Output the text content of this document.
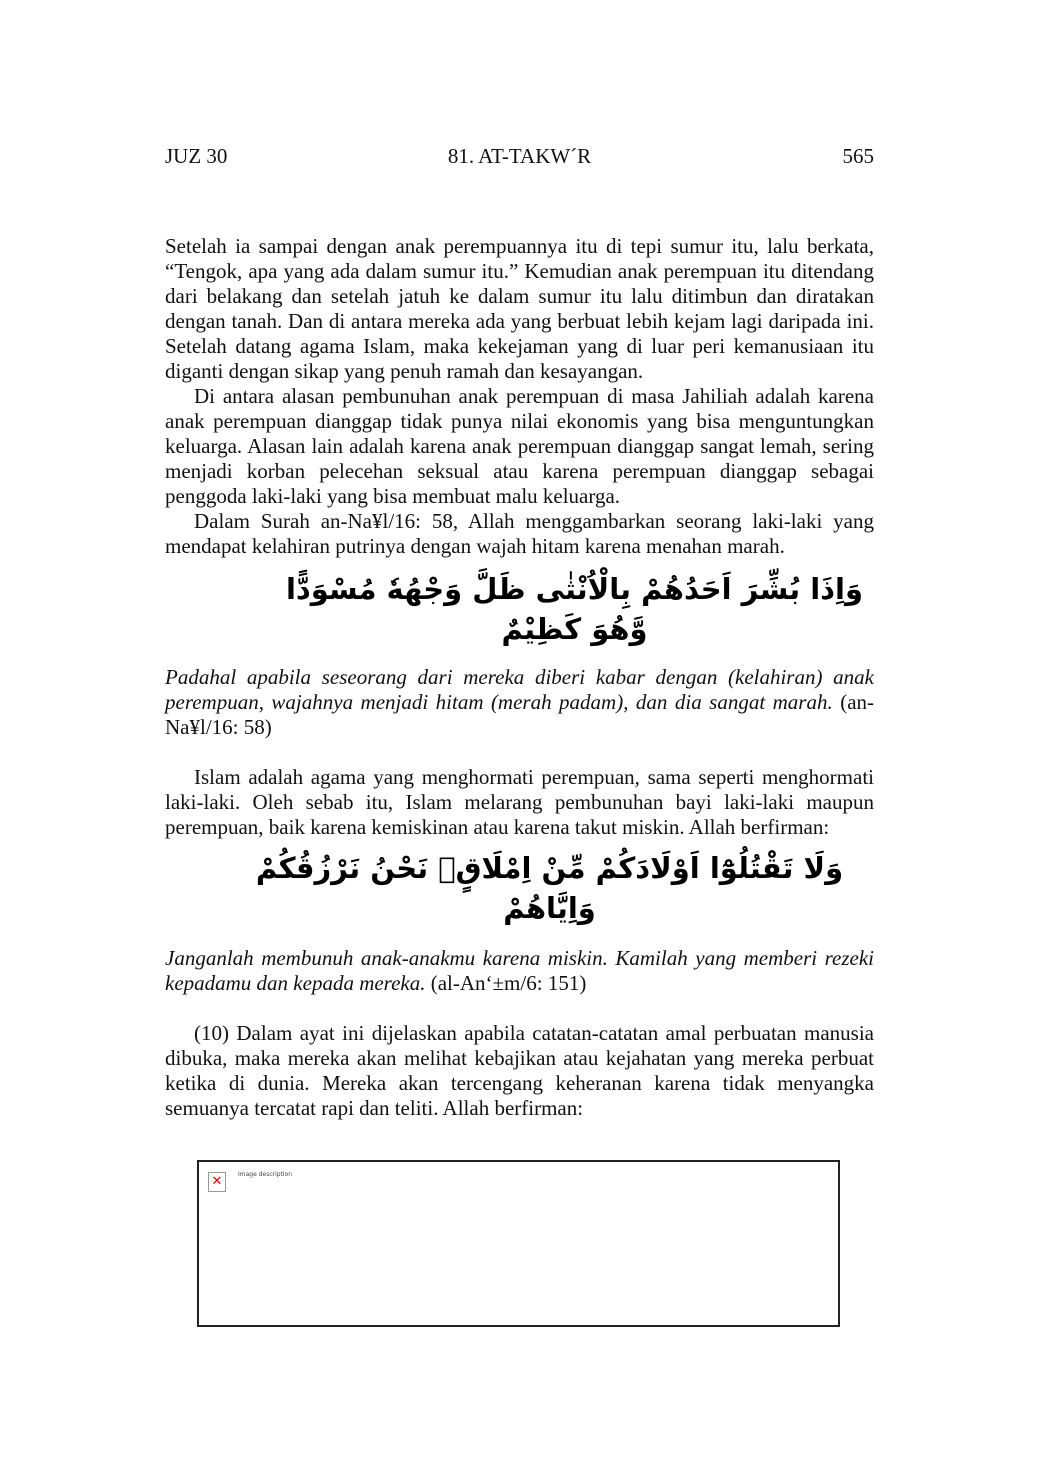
JUZ 30	81. AT-TAKW´R	565

Setelah ia sampai dengan anak perempuannya itu di tepi sumur itu, lalu berkata, “Tengok, apa yang ada dalam sumur itu.” Kemudian anak perempuan itu ditendang dari belakang dan setelah jatuh ke dalam sumur itu lalu ditimbun dan diratakan dengan tanah. Dan di antara mereka ada yang berbuat lebih kejam lagi daripada ini. Setelah datang agama Islam, maka kekejaman yang di luar peri kemanusiaan itu diganti dengan sikap yang penuh ramah dan kesayangan.

Di antara alasan pembunuhan anak perempuan di masa Jahiliah adalah karena anak perempuan dianggap tidak punya nilai ekonomis yang bisa menguntungkan keluarga. Alasan lain adalah karena anak perempuan dianggap sangat lemah, sering menjadi korban pelecehan seksual atau karena perempuan dianggap sebagai penggoda laki-laki yang bisa membuat malu keluarga.

Dalam Surah an-Na¥l/16: 58, Allah menggambarkan seorang laki-laki yang mendapat kelahiran putrinya dengan wajah hitam karena menahan marah.

وَاِذَا بُشِّرَ اَحَدُهُمْ بِالْاُنْثٰى ظَلَّ وَجْهُهٗ مُسْوَدًّا وَّهُوَ كَظِيْمٌ

Padahal apabila seseorang dari mereka diberi kabar dengan (kelahiran) anak perempuan, wajahnya menjadi hitam (merah padam), dan dia sangat marah. (an-Na¥l/16: 58)

Islam adalah agama yang menghormati perempuan, sama seperti menghormati laki-laki. Oleh sebab itu, Islam melarang pembunuhan bayi laki-laki maupun perempuan, baik karena kemiskinan atau karena takut miskin. Allah berfirman:

وَلَا تَقْتُلُوْٓا اَوْلَادَكُمْ مِّنْ اِمْلَاقٍۗ نَحْنُ نَرْزُقُكُمْ وَاِيَّاهُمْ

Janganlah membunuh anak-anakmu karena miskin. Kamilah yang memberi rezeki kepadamu dan kepada mereka. (al-An‘±m/6: 151)

(10) Dalam ayat ini dijelaskan apabila catatan-catatan amal perbuatan manusia dibuka, maka mereka akan melihat kebajikan atau kejahatan yang mereka perbuat ketika di dunia. Mereka akan tercengang keheranan karena tidak menyangka semuanya tercatat rapi dan teliti. Allah berfirman:

✕	Image description
